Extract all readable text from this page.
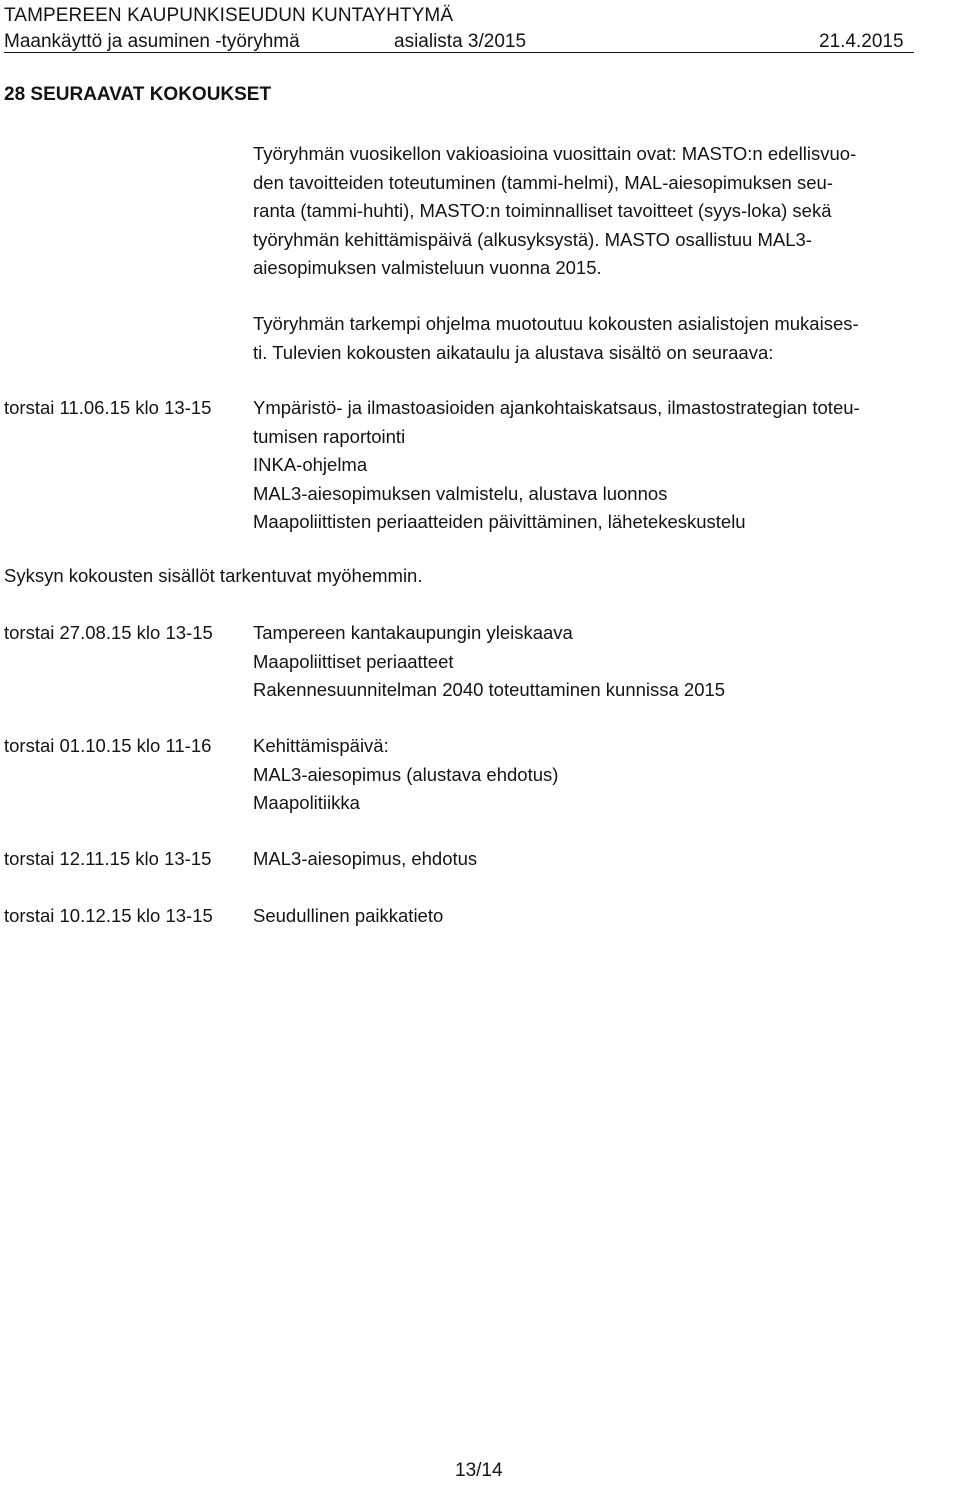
TAMPEREEN KAUPUNKISEUDUN KUNTAYHTYMÄ
Maankäyttö ja asuminen -työryhmä	asialista 3/2015	21.4.2015
28 SEURAAVAT KOKOUKSET
Työryhmän vuosikellon vakioasioina vuosittain ovat: MASTO:n edellisvuo-
den tavoitteiden toteutuminen (tammi-helmi), MAL-aiesopimuksen seu-
ranta (tammi-huhti), MASTO:n toiminnalliset tavoitteet (syys-loka) sekä
työryhmän kehittämispäivä (alkusyksystä). MASTO osallistuu MAL3-
aiesopimuksen valmisteluun vuonna 2015.
Työryhmän tarkempi ohjelma muotoutuu kokousten asialistojen mukaises-
ti. Tulevien kokousten aikataulu ja alustava sisältö on seuraava:
torstai 11.06.15 klo 13-15 Ympäristö- ja ilmastoasioiden ajankohtaiskatsaus, ilmastostrategian toteu-
tumisen raportointi
INKA-ohjelma
MAL3-aiesopimuksen valmistelu, alustava luonnos
Maapoliittisten periaatteiden päivittäminen, lähetekeskustelu
Syksyn kokousten sisällöt tarkentuvat myöhemmin.
torstai 27.08.15 klo 13-15 Tampereen kantakaupungin yleiskaava
Maapoliittiset periaatteet
Rakennesuunnitelman 2040 toteuttaminen kunnissa 2015
torstai 01.10.15 klo 11-16 Kehittämispäivä:
MAL3-aiesopimus (alustava ehdotus)
Maapolitiikka
torstai 12.11.15 klo 13-15 MAL3-aiesopimus, ehdotus
torstai 10.12.15 klo 13-15 Seudullinen paikkatieto
13/14
